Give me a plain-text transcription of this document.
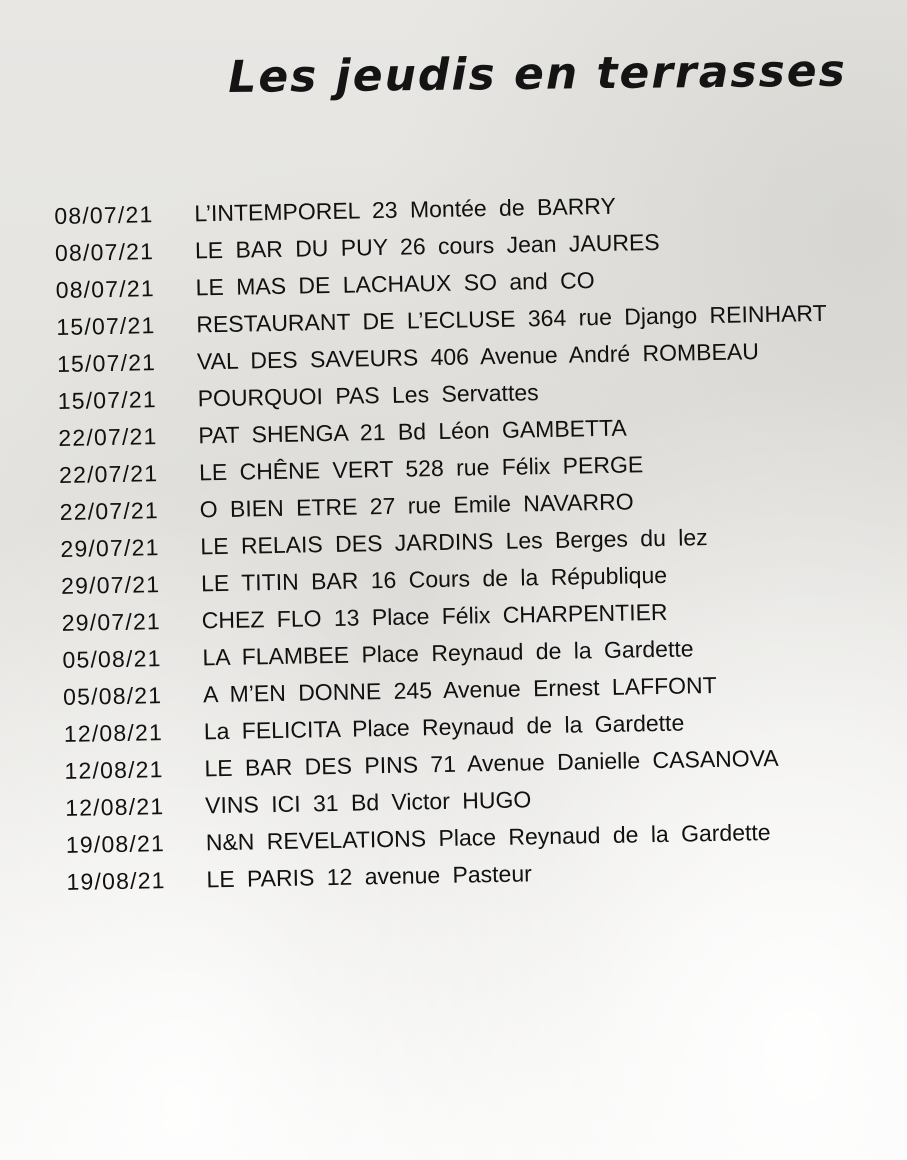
Les jeudis en terrasses
08/07/21 L’INTEMPOREL 23 Montée de BARRY
08/07/21 LE BAR DU PUY 26 cours Jean JAURES
08/07/21 LE MAS DE LACHAUX SO and CO
15/07/21 RESTAURANT DE L’ECLUSE 364 rue Django REINHART
15/07/21 VAL DES SAVEURS 406 Avenue André ROMBEAU
15/07/21 POURQUOI PAS Les Servattes
22/07/21 PAT SHENGA 21 Bd Léon GAMBETTA
22/07/21 LE CHÊNE VERT 528 rue Félix PERGE
22/07/21 O BIEN ETRE 27 rue Emile NAVARRO
29/07/21 LE RELAIS DES JARDINS Les Berges du lez
29/07/21 LE TITIN BAR 16 Cours de la République
29/07/21 CHEZ FLO 13 Place Félix CHARPENTIER
05/08/21 LA FLAMBEE Place Reynaud de la Gardette
05/08/21 A M’EN DONNE 245 Avenue Ernest LAFFONT
12/08/21 La FELICITA Place Reynaud de la Gardette
12/08/21 LE BAR DES PINS 71 Avenue Danielle CASANOVA
12/08/21 VINS ICI 31 Bd Victor HUGO
19/08/21 N&N REVELATIONS Place Reynaud de la Gardette
19/08/21 LE PARIS 12 avenue Pasteur
